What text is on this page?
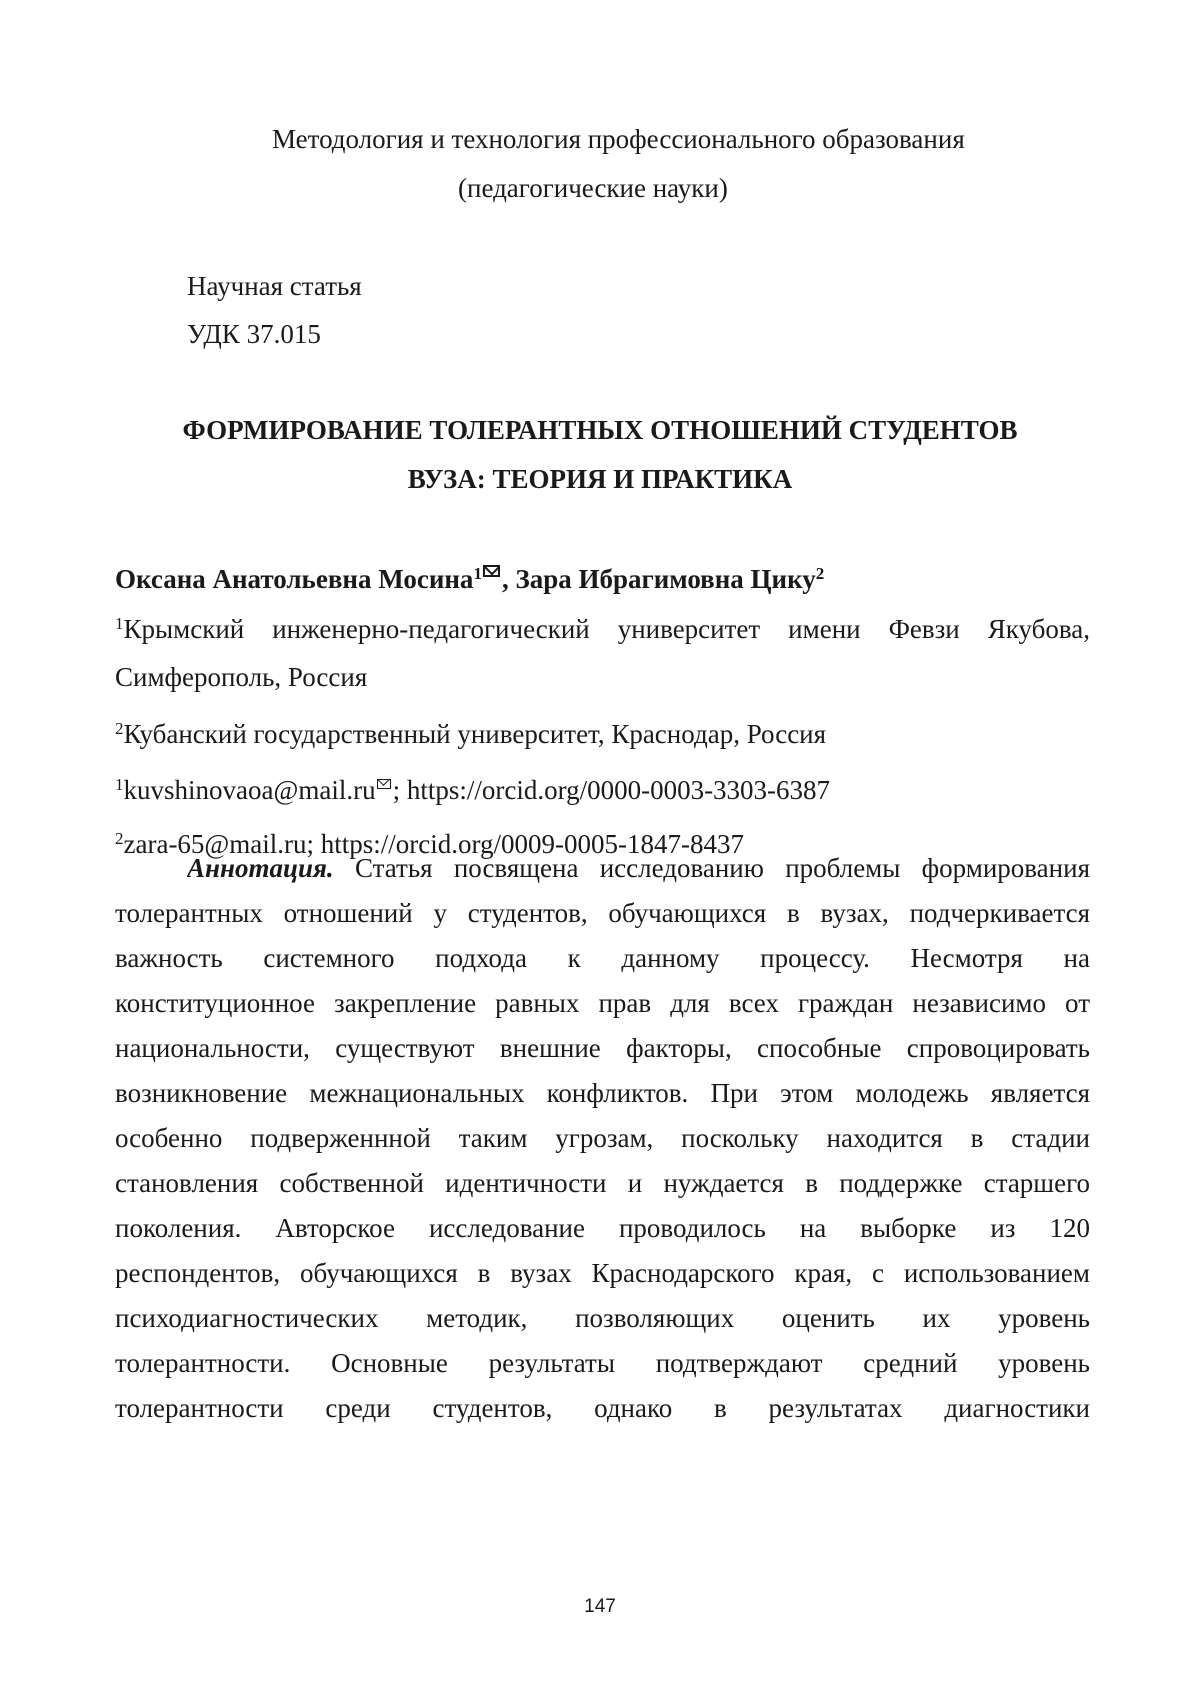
Методология и технология профессионального образования
(педагогические науки)
Научная статья
УДК 37.015
ФОРМИРОВАНИЕ ТОЛЕРАНТНЫХ ОТНОШЕНИЙ СТУДЕНТОВ
ВУЗА: ТЕОРИЯ И ПРАКТИКА
Оксана Анатольевна Мосина$^1$ , Зара Ибрагимовна Цику$^2$
$^1$Крымский инженерно-педагогический университет имени Февзи Якубова,
Симферополь, Россия
$^2$Кубанский государственный университет, Краснодар, Россия
$^1$kuvshinovaoa@mail.ru ; https://orcid.org/0000-0003-3303-6387
$^2$zara-65@mail.ru; https://orcid.org/0009-0005-1847-8437
Аннотация. Статья посвящена исследованию проблемы формирования
толерантных отношений у студентов, обучающихся в вузах, подчеркивается
важность системного подхода к данному процессу. Несмотря на
конституционное закрепление равных прав для всех граждан независимо от
национальности, существуют внешние факторы, способные спровоцировать
возникновение межнациональных конфликтов. При этом молодежь является
особенно подверженнной таким угрозам, поскольку находится в стадии
становления собственной идентичности и нуждается в поддержке старшего
поколения. Авторское исследование проводилось на выборке из 120
респондентов, обучающихся в вузах Краснодарского края, с использованием
психодиагностических методик, позволяющих оценить их уровень
толерантности. Основные результаты подтверждают средний уровень
толерантности среди студентов, однако в результатах диагностики
147
